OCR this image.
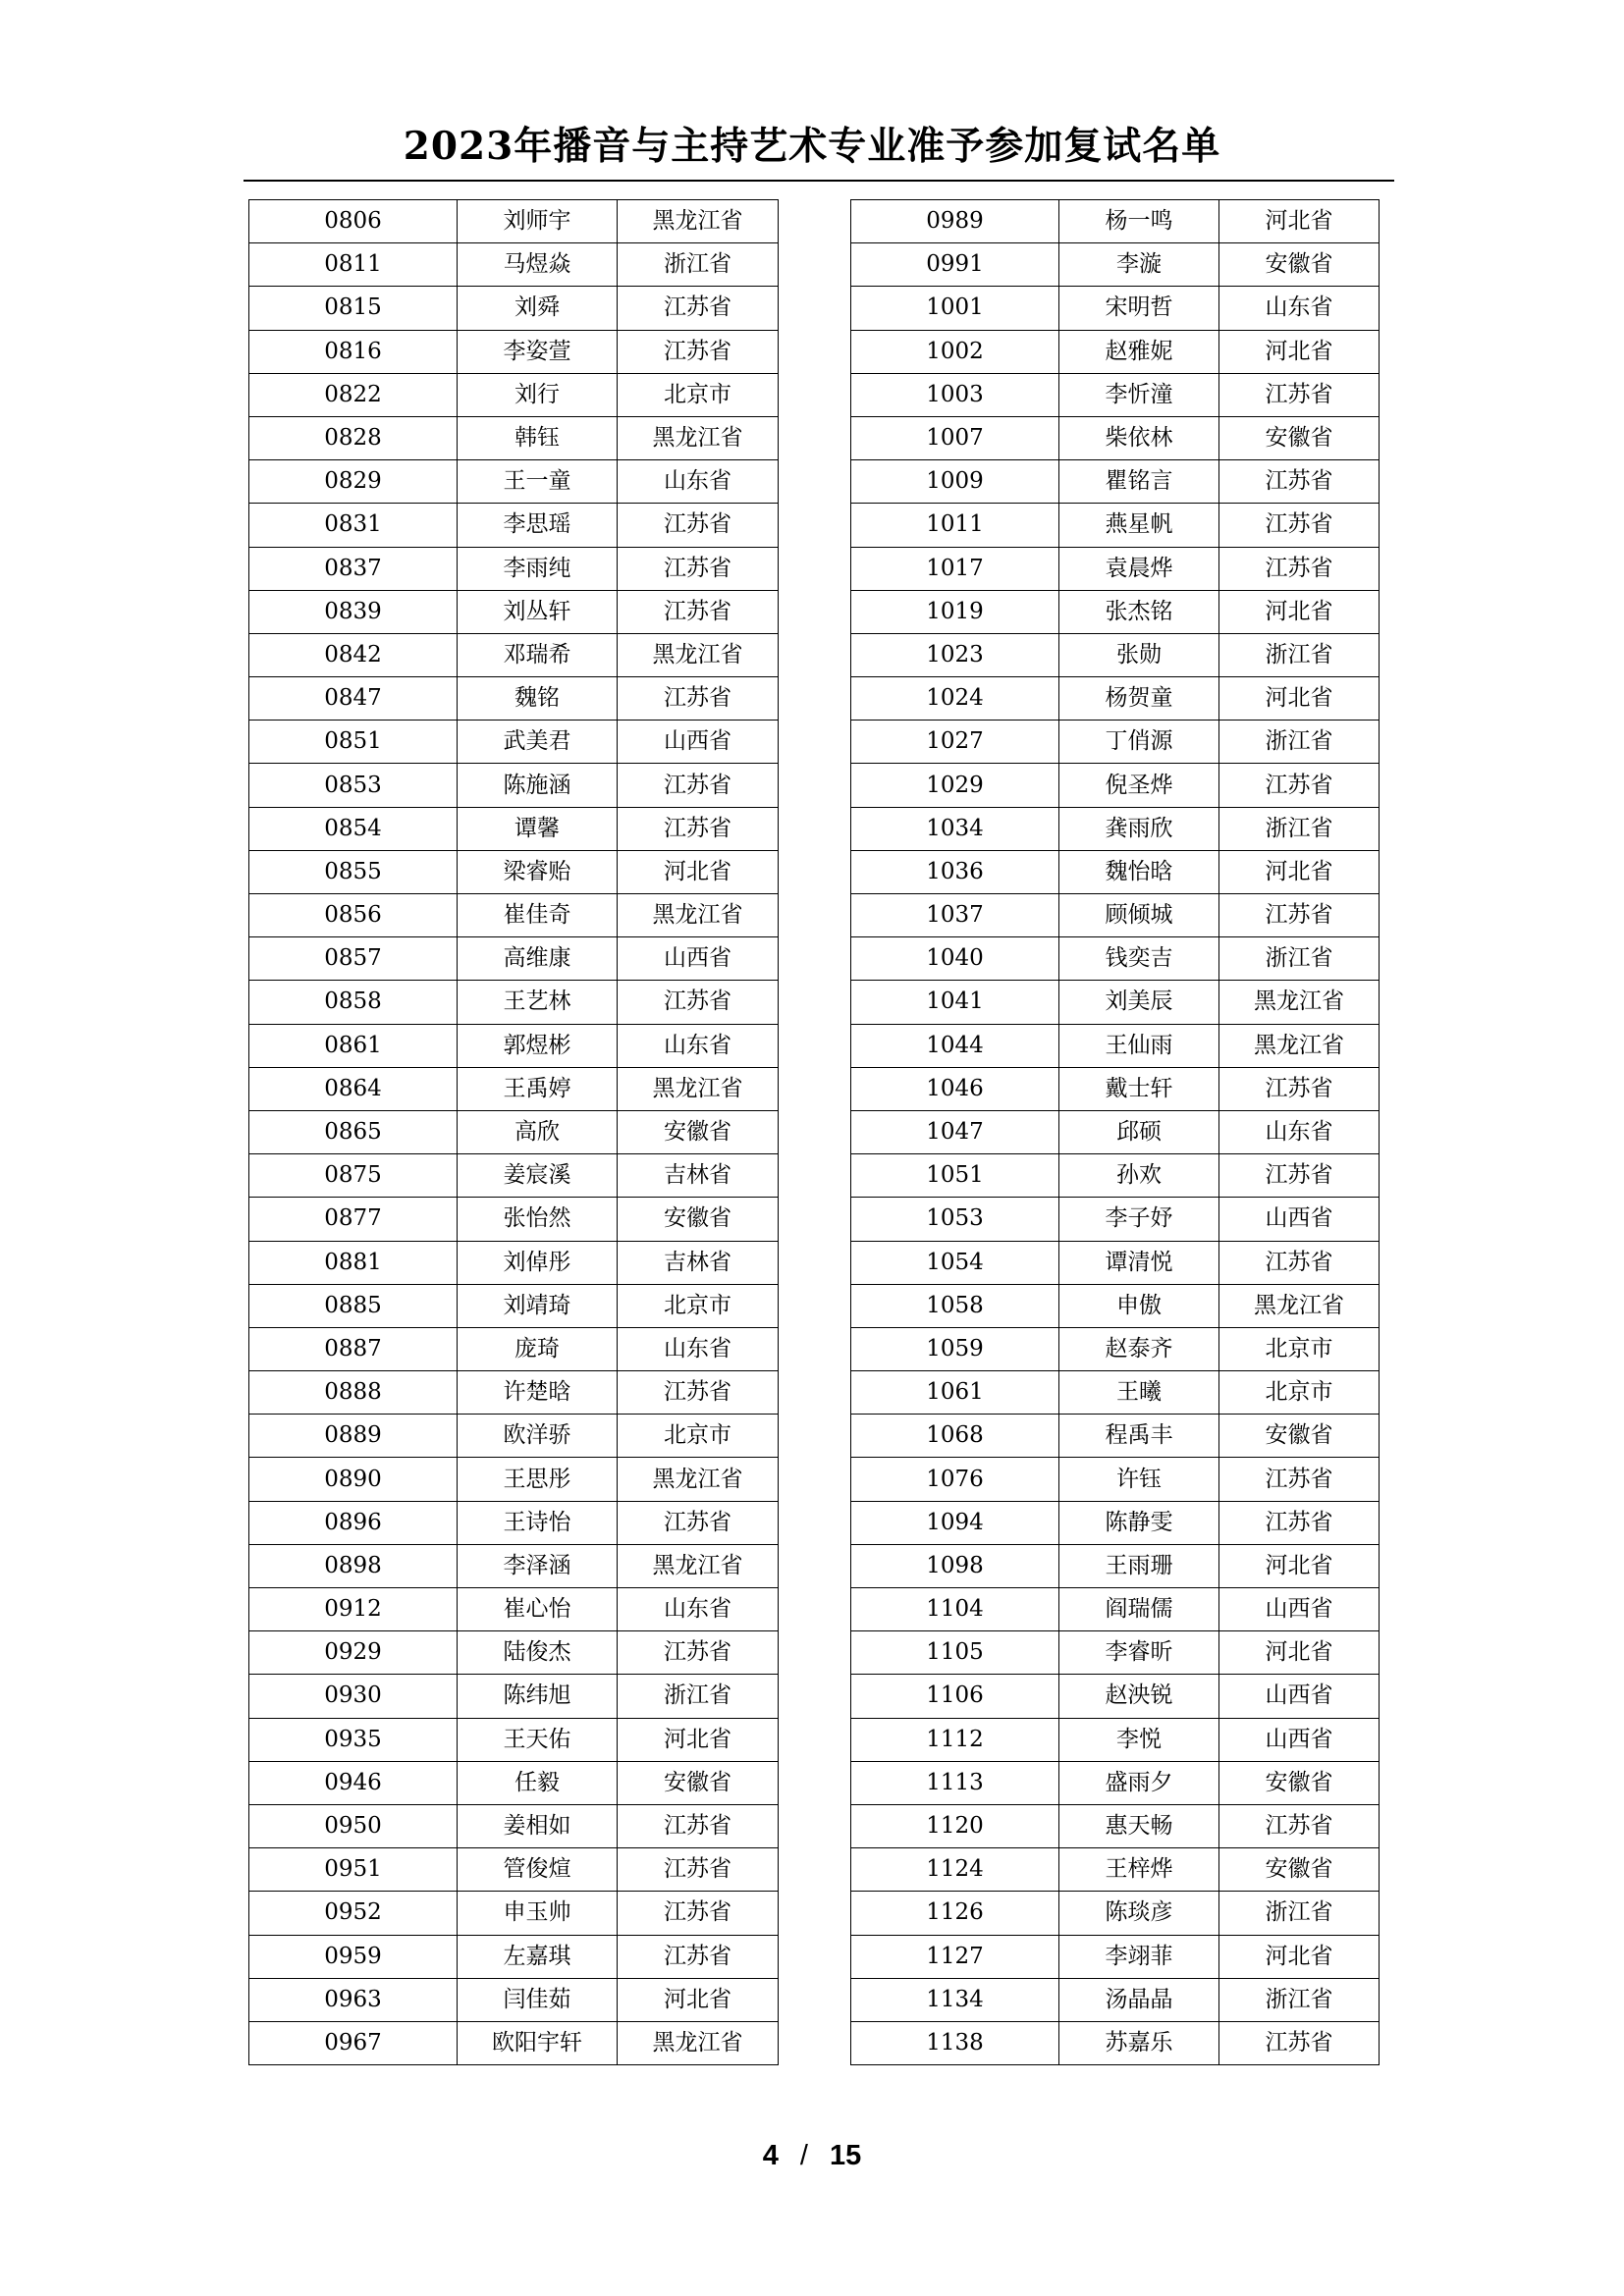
2023年播音与主持艺术专业准予参加复试名单
0806	刘师宇	黑龙江省
0811	马煜焱	浙江省
0815	刘舜	江苏省
0816	李姿萱	江苏省
0822	刘行	北京市
0828	韩钰	黑龙江省
0829	王一童	山东省
0831	李思瑶	江苏省
0837	李雨纯	江苏省
0839	刘丛轩	江苏省
0842	邓瑞希	黑龙江省
0847	魏铭	江苏省
0851	武美君	山西省
0853	陈施涵	江苏省
0854	谭馨	江苏省
0855	梁睿贻	河北省
0856	崔佳奇	黑龙江省
0857	高维康	山西省
0858	王艺林	江苏省
0861	郭煜彬	山东省
0864	王禹婷	黑龙江省
0865	高欣	安徽省
0875	姜宸溪	吉林省
0877	张怡然	安徽省
0881	刘倬彤	吉林省
0885	刘靖琦	北京市
0887	庞琦	山东省
0888	许楚晗	江苏省
0889	欧洋骄	北京市
0890	王思彤	黑龙江省
0896	王诗怡	江苏省
0898	李泽涵	黑龙江省
0912	崔心怡	山东省
0929	陆俊杰	江苏省
0930	陈纬旭	浙江省
0935	王天佑	河北省
0946	任毅	安徽省
0950	姜相如	江苏省
0951	管俊煊	江苏省
0952	申玉帅	江苏省
0959	左嘉琪	江苏省
0963	闫佳茹	河北省
0967	欧阳宇轩	黑龙江省
0989	杨一鸣	河北省
0991	李漩	安徽省
1001	宋明哲	山东省
1002	赵雅妮	河北省
1003	李忻潼	江苏省
1007	柴依林	安徽省
1009	瞿铭言	江苏省
1011	燕星帆	江苏省
1017	袁晨烨	江苏省
1019	张杰铭	河北省
1023	张勋	浙江省
1024	杨贺童	河北省
1027	丁俏源	浙江省
1029	倪圣烨	江苏省
1034	龚雨欣	浙江省
1036	魏怡晗	河北省
1037	顾倾城	江苏省
1040	钱奕吉	浙江省
1041	刘美辰	黑龙江省
1044	王仙雨	黑龙江省
1046	戴士轩	江苏省
1047	邱硕	山东省
1051	孙欢	江苏省
1053	李子妤	山西省
1054	谭清悦	江苏省
1058	申傲	黑龙江省
1059	赵泰齐	北京市
1061	王曦	北京市
1068	程禹丰	安徽省
1076	许钰	江苏省
1094	陈静雯	江苏省
1098	王雨珊	河北省
1104	阎瑞儒	山西省
1105	李睿昕	河北省
1106	赵泱锐	山西省
1112	李悦	山西省
1113	盛雨夕	安徽省
1120	惠天畅	江苏省
1124	王梓烨	安徽省
1126	陈琰彦	浙江省
1127	李翊菲	河北省
1134	汤晶晶	浙江省
1138	苏嘉乐	江苏省
4 / 15
